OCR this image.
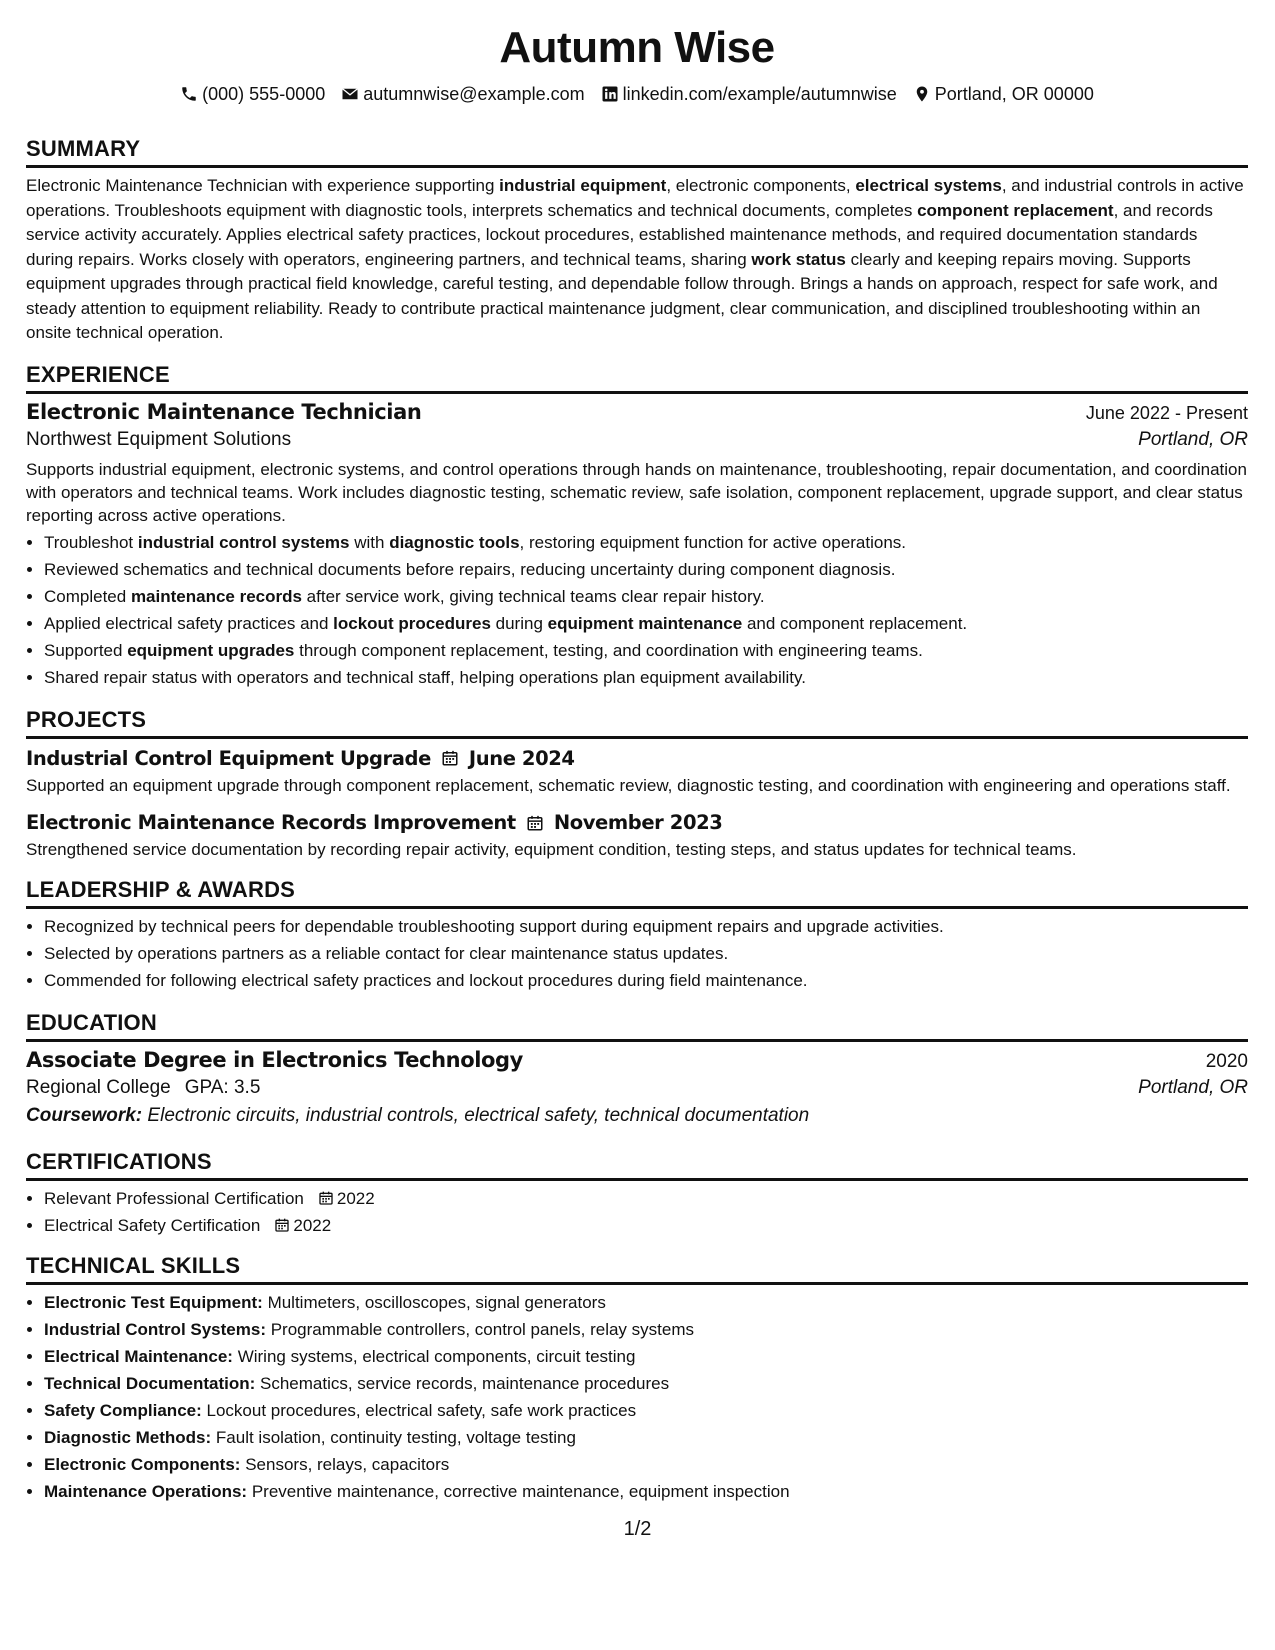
Autumn Wise
(000) 555-0000 autumnwise@example.com linkedin.com/example/autumnwise Portland, OR 00000
SUMMARY

Electronic Maintenance Technician with experience supporting industrial equipment, electronic components, electrical systems, and industrial controls in active operations. Troubleshoots equipment with diagnostic tools, interprets schematics and technical documents, completes component replacement, and records service activity accurately. Applies electrical safety practices, lockout procedures, established maintenance methods, and required documentation standards during repairs. Works closely with operators, engineering partners, and technical teams, sharing work status clearly and keeping repairs moving. Supports equipment upgrades through practical field knowledge, careful testing, and dependable follow through. Brings a hands on approach, respect for safe work, and steady attention to equipment reliability. Ready to contribute practical maintenance judgment, clear communication, and disciplined troubleshooting within an onsite technical operation.

EXPERIENCE
Electronic Maintenance Technician	June 2022 - Present
Northwest Equipment Solutions	Portland, OR

Supports industrial equipment, electronic systems, and control operations through hands on maintenance, troubleshooting, repair documentation, and coordination with operators and technical teams. Work includes diagnostic testing, schematic review, safe isolation, component replacement, upgrade support, and clear status reporting across active operations.

• Troubleshot industrial control systems with diagnostic tools, restoring equipment function for active operations.
• Reviewed schematics and technical documents before repairs, reducing uncertainty during component diagnosis.
• Completed maintenance records after service work, giving technical teams clear repair history.
• Applied electrical safety practices and lockout procedures during equipment maintenance and component replacement.
• Supported equipment upgrades through component replacement, testing, and coordination with engineering teams.
• Shared repair status with operators and technical staff, helping operations plan equipment availability.
PROJECTS
Industrial Control Equipment Upgrade June 2024

Supported an equipment upgrade through component replacement, schematic review, diagnostic testing, and coordination with engineering and operations staff.

Electronic Maintenance Records Improvement November 2023

Strengthened service documentation by recording repair activity, equipment condition, testing steps, and status updates for technical teams.

LEADERSHIP & AWARDS
• Recognized by technical peers for dependable troubleshooting support during equipment repairs and upgrade activities.
• Selected by operations partners as a reliable contact for clear maintenance status updates.
• Commended for following electrical safety practices and lockout procedures during field maintenance.
EDUCATION
Associate Degree in Electronics Technology	2020
Regional College GPA: 3.5	Portland, OR
Coursework: Electronic circuits, industrial controls, electrical safety, technical documentation
CERTIFICATIONS
• Relevant Professional Certification 2022
• Electrical Safety Certification 2022
TECHNICAL SKILLS
• Electronic Test Equipment: Multimeters, oscilloscopes, signal generators
• Industrial Control Systems: Programmable controllers, control panels, relay systems
• Electrical Maintenance: Wiring systems, electrical components, circuit testing
• Technical Documentation: Schematics, service records, maintenance procedures
• Safety Compliance: Lockout procedures, electrical safety, safe work practices
• Diagnostic Methods: Fault isolation, continuity testing, voltage testing
• Electronic Components: Sensors, relays, capacitors
• Maintenance Operations: Preventive maintenance, corrective maintenance, equipment inspection
1/2
